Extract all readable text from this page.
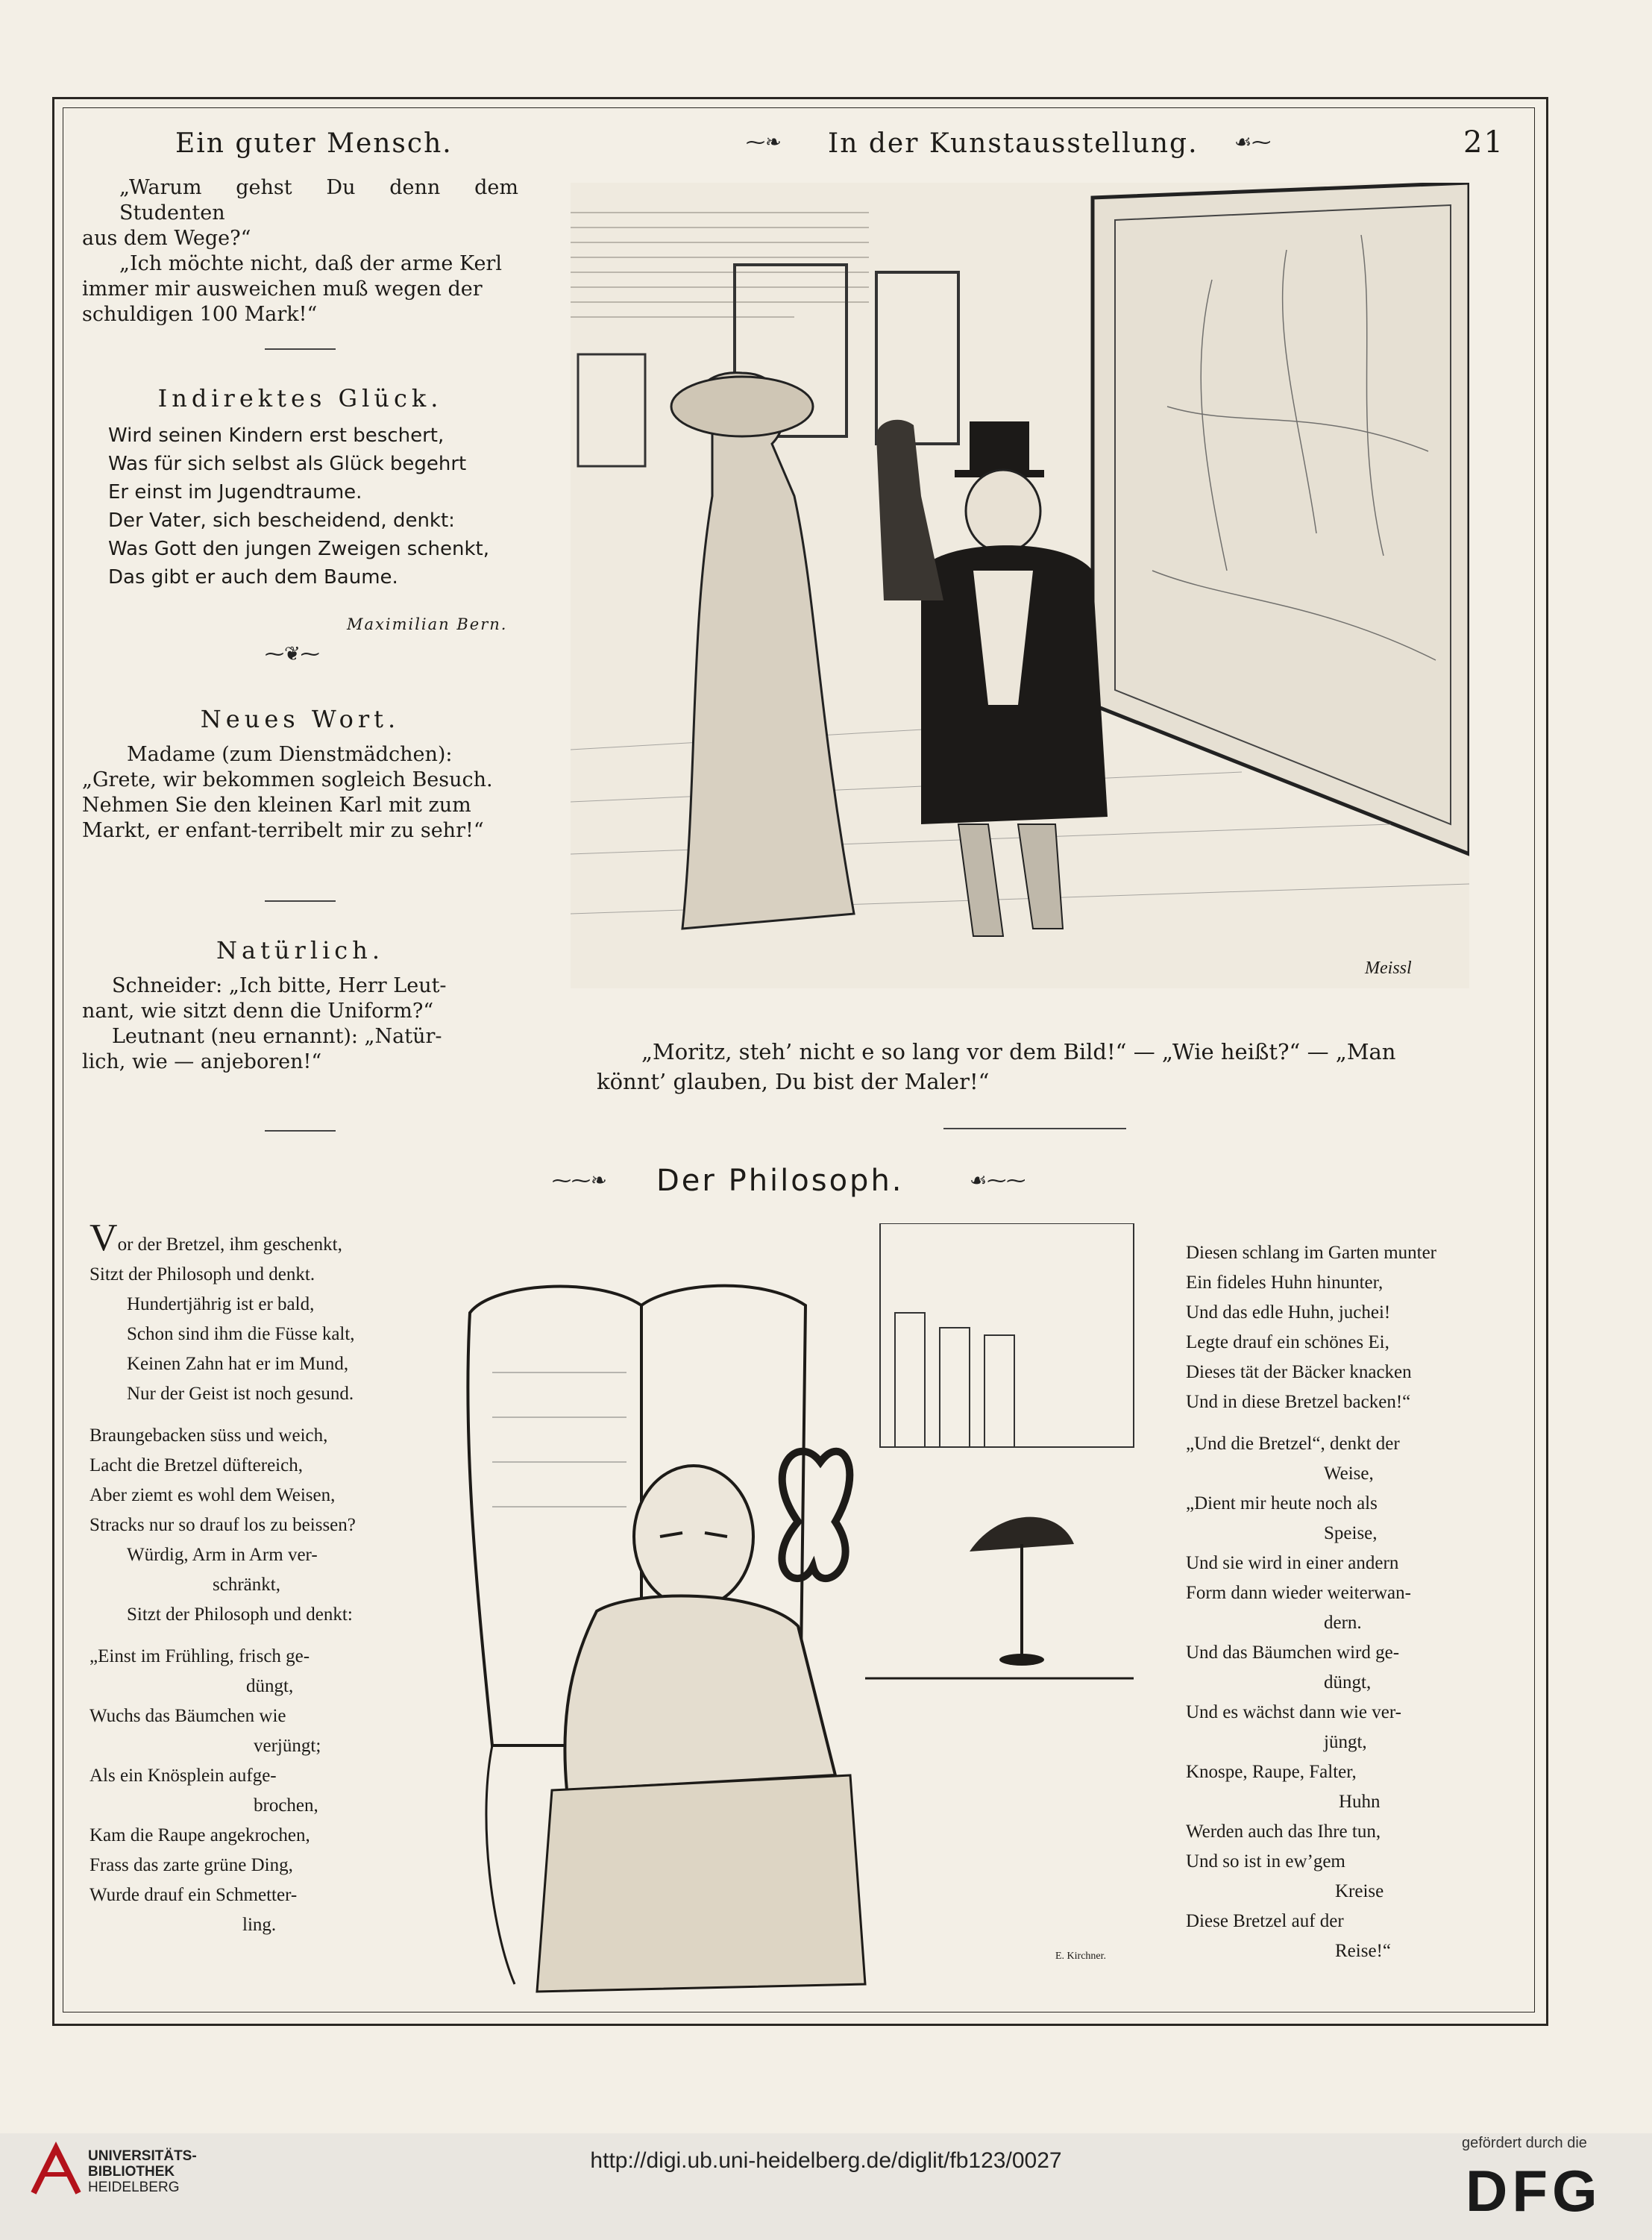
Ein guter Mensch.	⁓❧ In der Kunstausstellung. ☙⁓	21
„Warum gehst Du denn dem Studenten
aus dem Wege?“
„Ich möchte nicht, daß der arme Kerl
immer mir ausweichen muß wegen der
schuldigen 100 Mark!“
Indirektes Glück.
Wird seinen Kindern erst beschert,
Was für sich selbst als Glück begehrt
Er einst im Jugendtraume.
Der Vater, sich bescheidend, denkt:
Was Gott den jungen Zweigen schenkt,
Das gibt er auch dem Baume.
Maximilian Bern.
⁓❦⁓
Neues Wort.
Madame (zum Dienstmädchen):
„Grete, wir bekommen sogleich Besuch.
Nehmen Sie den kleinen Karl mit zum
Markt, er enfant-terribelt mir zu sehr!“
Natürlich.
Schneider: „Ich bitte, Herr Leut-
nant, wie sitzt denn die Uniform?“
Leutnant (neu ernannt): „Natür-
lich, wie — anjeboren!“
Meissl
„Moritz, steh’ nicht e so lang vor dem Bild!“ — „Wie heißt?“ — „Man
könnt’ glauben, Du bist der Maler!“
⁓⁓❧ Der Philosoph.	☙⁓⁓
Vor der Bretzel, ihm geschenkt,
Sitzt der Philosoph und denkt.
Hundertjährig ist er bald,
Schon sind ihm die Füsse kalt,
Keinen Zahn hat er im Mund,
Nur der Geist ist noch gesund.
Braungebacken süss und weich,
Lacht die Bretzel düftereich,
Aber ziemt es wohl dem Weisen,
Stracks nur so drauf los zu beissen?
Würdig, Arm in Arm ver-
schränkt,
Sitzt der Philosoph und denkt:
„Einst im Frühling, frisch ge-
düngt,
Wuchs das Bäumchen wie
verjüngt;
Als ein Knösplein aufge-
brochen,
Kam die Raupe angekrochen,
Frass das zarte grüne Ding,
Wurde drauf ein Schmetter-
ling.
E. Kirchner.
Diesen schlang im Garten munter
Ein fideles Huhn hinunter,
Und das edle Huhn, juchei!
Legte drauf ein schönes Ei,
Dieses tät der Bäcker knacken
Und in diese Bretzel backen!“
„Und die Bretzel“, denkt der
Weise,
„Dient mir heute noch als
Speise,
Und sie wird in einer andern
Form dann wieder weiterwan-
dern.
Und das Bäumchen wird ge-
düngt,
Und es wächst dann wie ver-
jüngt,
Knospe, Raupe, Falter,
Huhn
Werden auch das Ihre tun,
Und so ist in ew’gem
Kreise
Diese Bretzel auf der
Reise!“
UNIVERSITÄTS-
BIBLIOTHEK
HEIDELBERG
http://digi.ub.uni-heidelberg.de/diglit/fb123/0027
gefördert durch die
DFG
